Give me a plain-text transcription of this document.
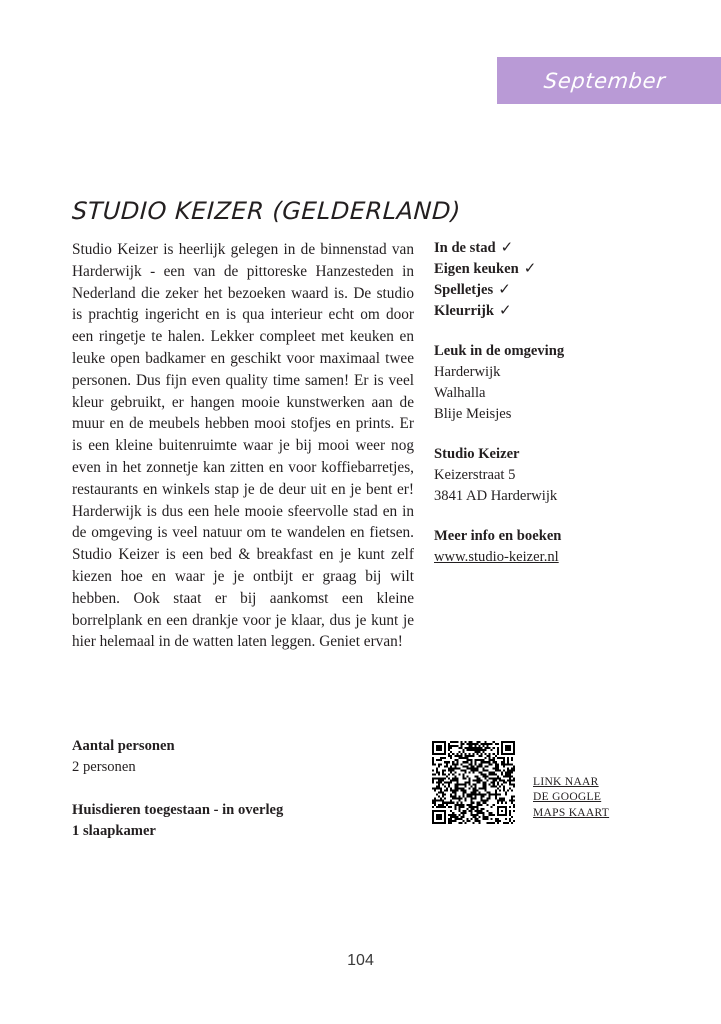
September
STUDIO KEIZER (GELDERLAND)

Studio Keizer is heerlijk gelegen in de binnenstad van Harderwijk - een van de pittoreske Hanzesteden in Nederland die zeker het bezoeken waard is. De studio is prachtig ingericht en is qua interieur echt om door een ringetje te halen. Lekker compleet met keuken en leuke open badkamer en geschikt voor maximaal twee personen. Dus fijn even quality time samen! Er is veel kleur gebruikt, er hangen mooie kunstwerken aan de muur en de meubels hebben mooi stofjes en prints. Er is een kleine buitenruimte waar je bij mooi weer nog even in het zonnetje kan zitten en voor koffiebarretjes, restaurants en winkels stap je de deur uit en je bent er! Harderwijk is dus een hele mooie sfeervolle stad en in de omgeving is veel natuur om te wandelen en fietsen. Studio Keizer is een bed & breakfast en je kunt zelf kiezen hoe en waar je je ontbijt er graag bij wilt hebben. Ook staat er bij aankomst een kleine borrelplank en een drankje voor je klaar, dus je kunt je hier helemaal in de watten laten leggen. Geniet ervan!

In de stad ✓
Eigen keuken ✓
Spelletjes ✓
Kleurrijk ✓
Leuk in de omgeving
Harderwijk
Walhalla
Blije Meisjes
Studio Keizer
Keizerstraat 5
3841 AD Harderwijk
Meer info en boeken
www.studio-keizer.nl
Aantal personen
2 personen
Huisdieren toegestaan - in overleg
1 slaapkamer
LINK NAAR
DE GOOGLE
MAPS KAART
104
